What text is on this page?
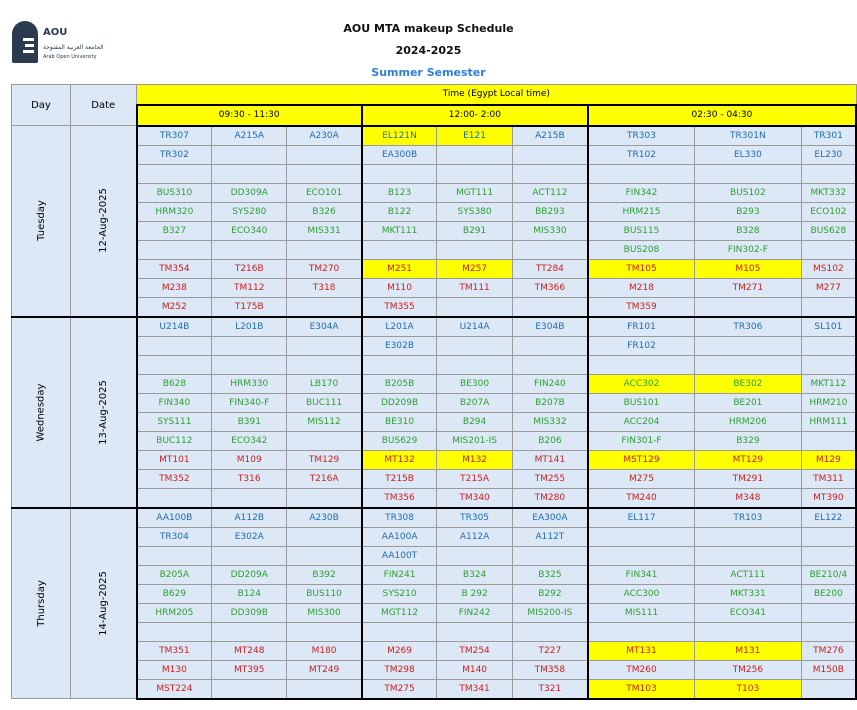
AOU
الجامعة العربية المفتوحة
Arab Open University
AOU MTA makeup Schedule
2024-2025
Summer Semester
Day	Date	Time (Egypt Local time)								
		09:30 - 11:30			12:00- 2:00			02:30 - 04:30		
Tuesday	12-Aug-2025	TR307	A215A	A230A	EL121N	E121	A215B	TR303	TR301N	TR301
		TR302			EA300B			TR102	EL330	EL230

		BUS310	DD309A	ECO101	B123	MGT111	ACT112	FIN342	BUS102	MKT332
		HRM320	SYS280	B326	B122	SYS380	BB293	HRM215	B293	ECO102
		B327	ECO340	MIS331	MKT111	B291	MIS330	BUS115	B328	BUS628
								BUS208	FIN302-F	
		TM354	T216B	TM270	M251	M257	TT284	TM105	M105	MS102
		M238	TM112	T318	M110	TM111	TM366	M218	TM271	M277
		M252	T175B		TM355			TM359		
Wednesday	13-Aug-2025	U214B	L201B	E304A	L201A	U214A	E304B	FR101	TR306	SL101
					E302B			FR102		

		B628	HRM330	LB170	B205B	BE300	FIN240	ACC302	BE302	MKT112
		FIN340	FIN340-F	BUC111	DD209B	B207A	B207B	BUS101	BE201	HRM210
		SYS111	B391	MIS112	BE310	B294	MIS332	ACC204	HRM206	HRM111
		BUC112	ECO342		BUS629	MIS201-IS	B206	FIN301-F	B329	
		MT101	M109	TM129	MT132	M132	MT141	MST129	MT129	M129
		TM352	T316	T216A	T215B	T215A	TM255	M275	TM291	TM311
					TM356	TM340	TM280	TM240	M348	MT390
Thursday	14-Aug-2025	AA100B	A112B	A230B	TR308	TR305	EA300A	EL117	TR103	EL122
		TR304	E302A		AA100A	A112A	A112T			
					AA100T					
		B205A	DD209A	B392	FIN241	B324	B325	FIN341	ACT111	BE210/4
		B629	B124	BUS110	SYS210	B 292	B292	ACC300	MKT331	BE200
		HRM205	DD309B	MIS300	MGT112	FIN242	MIS200-IS	MIS111	ECO341	

		TM351	MT248	M180	M269	TM254	T227	MT131	M131	TM276
		M130	MT395	MT249	TM298	M140	TM358	TM260	TM256	M150B
		MST224			TM275	TM341	T321	TM103	T103	
